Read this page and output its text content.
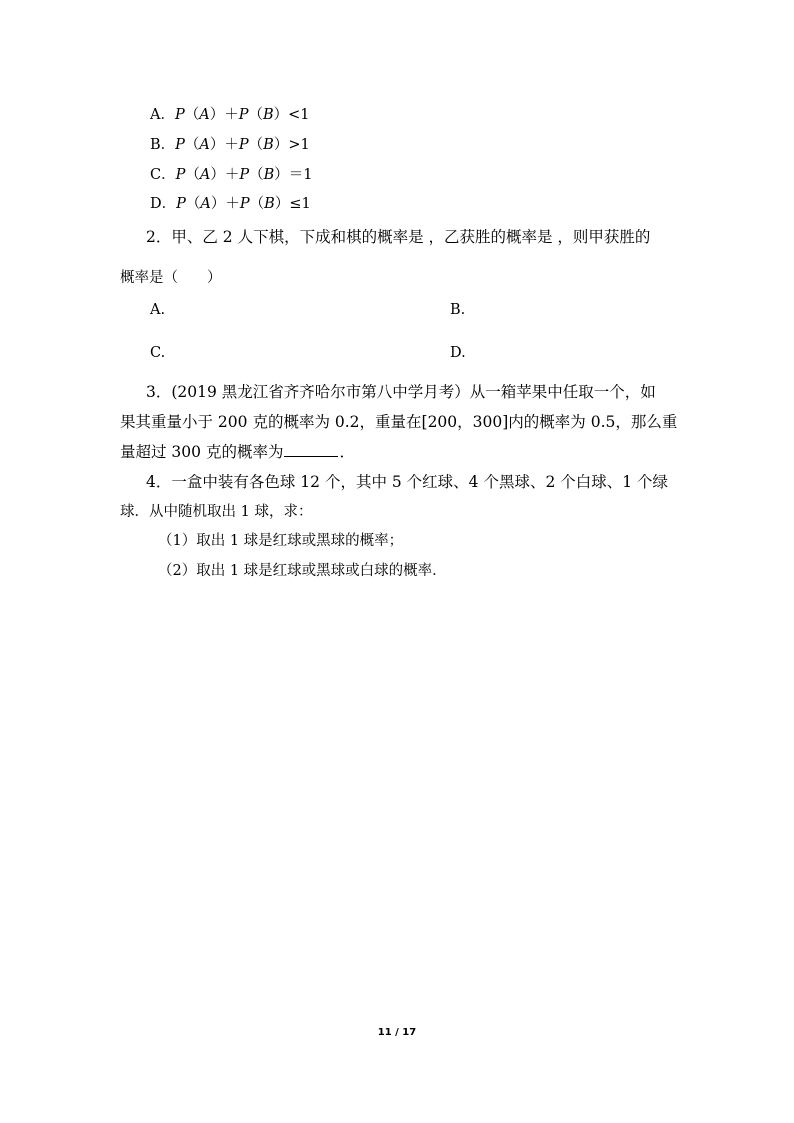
A．P（A）＋P（B）<1
B．P（A）＋P（B）>1
C．P（A）＋P（B）＝1
D．P（A）＋P（B）≤1
2．甲、乙 2 人下棋，下成和棋的概率是 ，乙获胜的概率是 ，则甲获胜的
概率是（　　）
A.	B.
C.	D.
3．(2019 黑龙江省齐齐哈尔市第八中学月考）从一箱苹果中任取一个，如
果其重量小于 200 克的概率为 0.2，重量在[200，300]内的概率为 0.5，那么重
量超过 300 克的概率为	．
4．一盒中装有各色球 12 个，其中 5 个红球、4 个黑球、2 个白球、1 个绿
球．从中随机取出 1 球，求：
（1）取出 1 球是红球或黑球的概率；
（2）取出 1 球是红球或黑球或白球的概率．
11 / 17
